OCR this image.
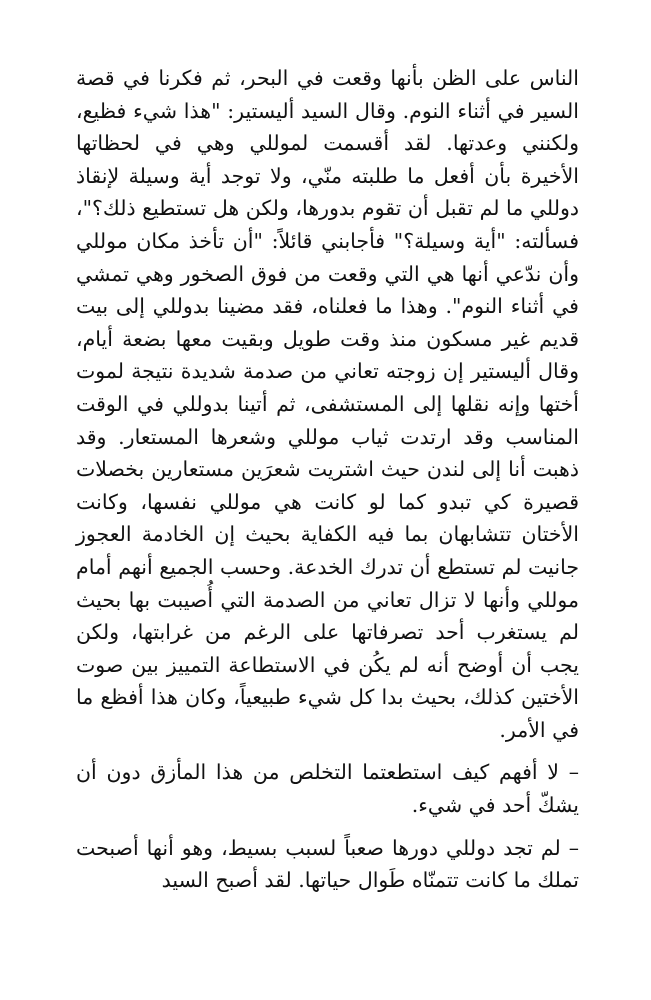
الناس على الظن بأنها وقعت في البحر، ثم فكرنا في قصة السير في أثناء النوم. وقال السيد أليستير: "هذا شيء فظيع، ولكنني وعدتها. لقد أقسمت لموللي وهي في لحظاتها الأخيرة بأن أفعل ما طلبته منّي، ولا توجد أية وسيلة لإنقاذ دوللي ما لم تقبل أن تقوم بدورها، ولكن هل تستطيع ذلك؟"، فسألته: "أية وسيلة؟" فأجابني قائلاً: "أن تأخذ مكان موللي وأن ندّعي أنها هي التي وقعت من فوق الصخور وهي تمشي في أثناء النوم". وهذا ما فعلناه، فقد مضينا بدوللي إلى بيت قديم غير مسكون منذ وقت طويل وبقيت معها بضعة أيام، وقال أليستير إن زوجته تعاني من صدمة شديدة نتيجة لموت أختها وإنه نقلها إلى المستشفى، ثم أتينا بدوللي في الوقت المناسب وقد ارتدت ثياب موللي وشعرها المستعار. وقد ذهبت أنا إلى لندن حيث اشتريت شعرَين مستعارين بخصلات قصيرة كي تبدو كما لو كانت هي موللي نفسها، وكانت الأختان تتشابهان بما فيه الكفاية بحيث إن الخادمة العجوز جانيت لم تستطع أن تدرك الخدعة. وحسب الجميع أنهم أمام موللي وأنها لا تزال تعاني من الصدمة التي أُصيبت بها بحيث لم يستغرب أحد تصرفاتها على الرغم من غرابتها، ولكن يجب أن أوضح أنه لم يكُن في الاستطاعة التمييز بين صوت الأختين كذلك، بحيث بدا كل شيء طبيعياً، وكان هذا أفظع ما في الأمر.

– لا أفهم كيف استطعتما التخلص من هذا المأزق دون أن يشكّ أحد في شيء.

– لم تجد دوللي دورها صعباً لسبب بسيط، وهو أنها أصبحت تملك ما كانت تتمنّاه طَوال حياتها. لقد أصبح السيد
